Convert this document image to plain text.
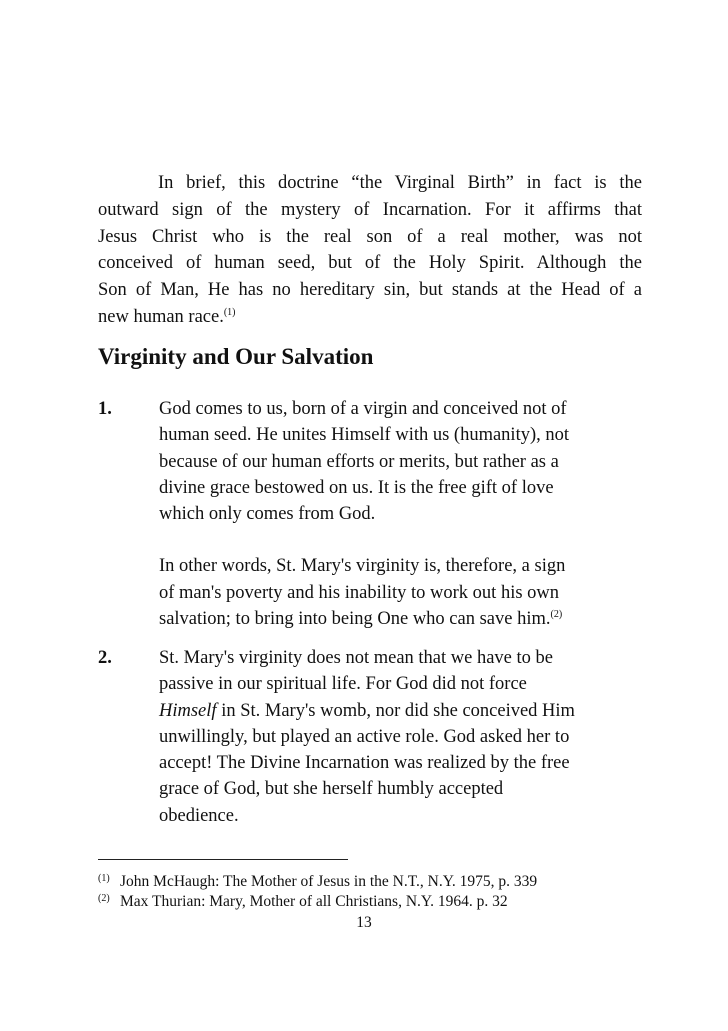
In brief, this doctrine “the Virginal Birth” in fact is the
outward sign of the mystery of Incarnation. For it affirms that
Jesus Christ who is the real son of a real mother, was not
conceived of human seed, but of the Holy Spirit. Although the
Son of Man, He has no hereditary sin, but stands at the Head of a
new human race.$^{(1)}$
Virginity and Our Salvation
1.	God comes to us, born of a virgin and conceived not of
human seed. He unites Himself with us (humanity), not
because of our human efforts or merits, but rather as a
divine grace bestowed on us. It is the free gift of love
which only comes from God.

In other words, St. Mary's virginity is, therefore, a sign
of man's poverty and his inability to work out his own
salvation; to bring into being One who can save him.$^{(2)}$

2.	St. Mary's virginity does not mean that we have to be
passive in our spiritual life. For God did not force
Himself in St. Mary's womb, nor did she conceived Him
unwillingly, but played an active role. God asked her to
accept! The Divine Incarnation was realized by the free
grace of God, but she herself humbly accepted
obedience.

(1) John McHaugh: The Mother of Jesus in the N.T., N.Y. 1975, p. 339
(2) Max Thurian: Mary, Mother of all Christians, N.Y. 1964. p. 32
13
